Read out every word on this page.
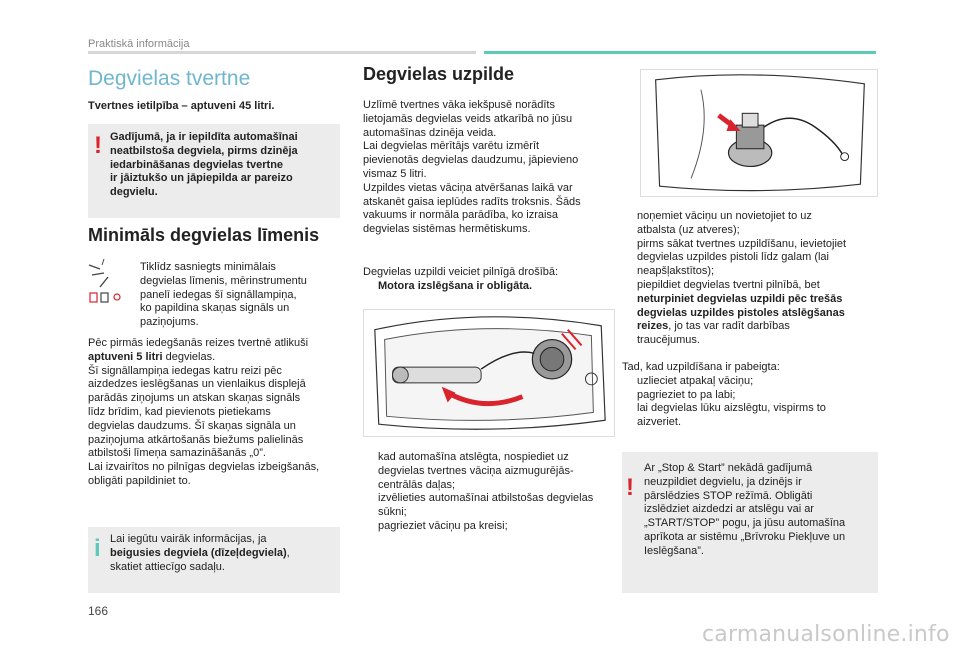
Praktiskā informācija
Degvielas tvertne
Tvertnes ietilpība – aptuveni 45 litri.
! Gadījumā, ja ir iepildīta automašīnai
neatbilstoša degviela, pirms dzinēja
iedarbināšanas degvielas tvertne
ir jāiztukšo un jāpiepilda ar pareizo
degvielu.
Minimāls degvielas līmenis
Tiklīdz sasniegts minimālais
degvielas līmenis, mērinstrumentu
panelī iedegas šī signāllampiņa,
ko papildina skaņas signāls un
paziņojums.
Pēc pirmās iedegšanās reizes tvertnē atlikuši
aptuveni 5 litri degvielas.
Šī signāllampiņa iedegas katru reizi pēc
aizdedzes ieslēgšanas un vienlaikus displejā
parādās ziņojums un atskan skaņas signāls
līdz brīdim, kad pievienots pietiekams
degvielas daudzums. Šī skaņas signāla un
paziņojuma atkārtošanās biežums palielinās
atbilstoši līmeņa samazināšanās „0”.
Lai izvairītos no pilnīgas degvielas izbeigšanās,
obligāti papildiniet to.
i Lai iegūtu vairāk informācijas, ja
beigusies degviela (dīzeļdegviela),
skatiet attiecīgo sadaļu.
Degvielas uzpilde
Uzlīmē tvertnes vāka iekšpusē norādīts
lietojamās degvielas veids atkarībā no jūsu
automašīnas dzinēja veida.
Lai degvielas mērītājs varētu izmērīt
pievienotās degvielas daudzumu, jāpievieno
vismaz 5 litri.
Uzpildes vietas vāciņa atvēršanas laikā var
atskanēt gaisa ieplūdes radīts troksnis. Šāds
vakuums ir normāla parādība, ko izraisa
degvielas sistēmas hermētiskums.
Degvielas uzpildi veiciet pilnīgā drošībā:
Motora izslēgšana ir obligāta.
kad automašīna atslēgta, nospiediet uz
degvielas tvertnes vāciņa aizmugurējās-
centrālās daļas;
izvēlieties automašīnai atbilstošas degvielas
sūkni;
pagrieziet vāciņu pa kreisi;
noņemiet vāciņu un novietojiet to uz
atbalsta (uz atveres);
pirms sākat tvertnes uzpildīšanu, ievietojiet
degvielas uzpildes pistoli līdz galam (lai
neapšļakstītos);
piepildiet degvielas tvertni pilnībā, bet
neturpiniet degvielas uzpildi pēc trešās
degvielas uzpildes pistoles atslēgšanas
reizes, jo tas var radīt darbības
traucējumus.
Tad, kad uzpildīšana ir pabeigta:
uzlieciet atpakaļ vāciņu;
pagrieziet to pa labi;
lai degvielas lūku aizslēgtu, vispirms to
aizveriet.
!
Ar „Stop & Start” nekādā gadījumā
neuzpildiet degvielu, ja dzinējs ir
pārslēdzies STOP režīmā. Obligāti
izslēdziet aizdedzi ar atslēgu vai ar
„START/STOP” pogu, ja jūsu automašīna
aprīkota ar sistēmu „Brīvroku Piekļuve un
Ieslēgšana”.
166
carmanualsonline.info
